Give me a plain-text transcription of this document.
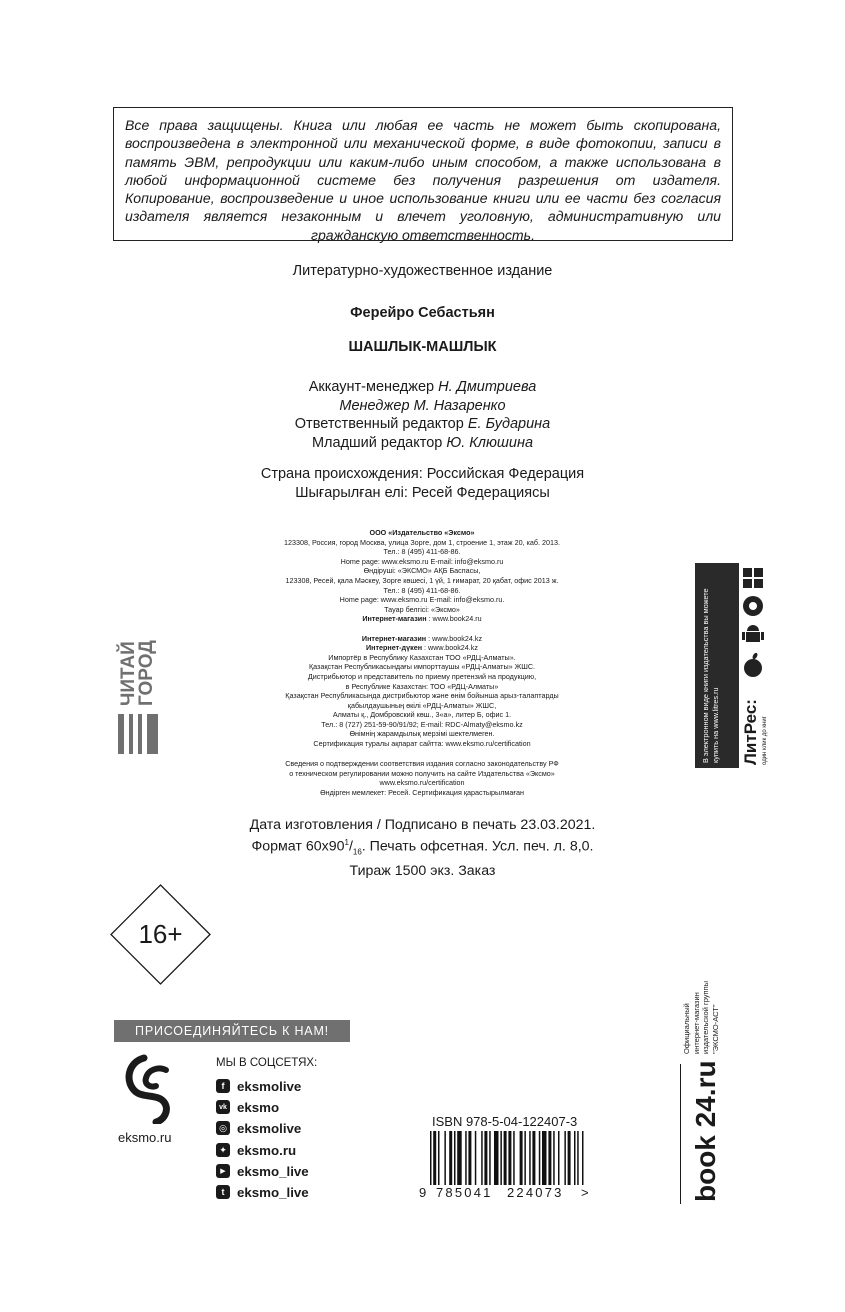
Все права защищены. Книга или любая ее часть не может быть скопирована, воспроизведена в электронной или механической форме, в виде фотокопии, записи в память ЭВМ, репродукции или каким-либо иным способом, а также использована в любой информационной системе без получения разрешения от издателя. Копирование, воспроизведение и иное использование книги или ее части без согласия издателя является незаконным и влечет уголовную, административную или гражданскую ответственность.
Литературно-художественное издание
Ферейро Себастьян
ШАШЛЫК-МАШЛЫК
Аккаунт-менеджер Н. Дмитриева
Менеджер М. Назаренко
Ответственный редактор Е. Бударина
Младший редактор Ю. Клюшина
Страна происхождения: Российская Федерация
Шығарылған елі: Ресей Федерациясы
ООО «Издательство «Эксмо»
123308, Россия, город Москва, улица Зорге, дом 1, строение 1, этаж 20, каб. 2013.
Тел.: 8 (495) 411-68-86.
Home page: www.eksmo.ru E-mail: info@eksmo.ru
Өндіруші: «ЭКСМО» АҚБ Баспасы,
123308, Ресей, қала Мәскеу, Зорге көшесі, 1 үй, 1 ғимарат, 20 қабат, офис 2013 ж.
Тел.: 8 (495) 411-68-86.
Home page: www.eksmo.ru E-mail: info@eksmo.ru.
Тауар белгісі: «Эксмо»
Интернет-магазин : www.book24.ru

Интернет-магазин : www.book24.kz
Интернет-дүкен : www.book24.kz
Импортёр в Республику Казахстан ТОО «РДЦ-Алматы».
Қазақстан Республикасындағы импорттаушы «РДЦ-Алматы» ЖШС.
Дистрибьютор и представитель по приему претензий на продукцию,
в Республике Казахстан: ТОО «РДЦ-Алматы»
Қазақстан Республикасында дистрибьютор және өнім бойынша арыз-талаптарды
қабылдаушының өкілі «РДЦ-Алматы» ЖШС,
Алматы қ., Домбровский көш., 3«а», литер Б, офис 1.
Тел.: 8 (727) 251-59-90/91/92; E-mail: RDC-Almaty@eksmo.kz
Өнімнің жарамдылық мерзімі шектелмеген.
Сертификация туралы ақпарат сайтта: www.eksmo.ru/certification
Сведения о подтверждении соответствия издания согласно законодательству РФ
о техническом регулировании можно получить на сайте Издательства «Эксмо»
www.eksmo.ru/certification
Өндірген мемлекет: Ресей. Сертификация қарастырылмаған
Дата изготовления / Подписано в печать 23.03.2021.
Формат $60х90^1/_{16}$. Печать офсетная. Усл. печ. л. 8,0.
Тираж 1500 экз. Заказ
16+
ЧИТАЙ
ГОРОД	В электронном виде книги издательства вы можете купить на www.litres.ru ЛитРес: один клик до книг
ПРИСОЕДИНЯЙТЕСЬ К НАМ!
eksmo.ru
МЫ В СОЦСЕТЯХ:
f eksmolive
vk eksmo
◎ eksmolive
✦ eksmo.ru
▶ eksmo_live
t eksmo_live
ISBN 978-5-04-122407-3
9 785041 224073 >
Официальный интернет-магазин издательской группы "ЭКСМО-АСТ"
book 24.ru
